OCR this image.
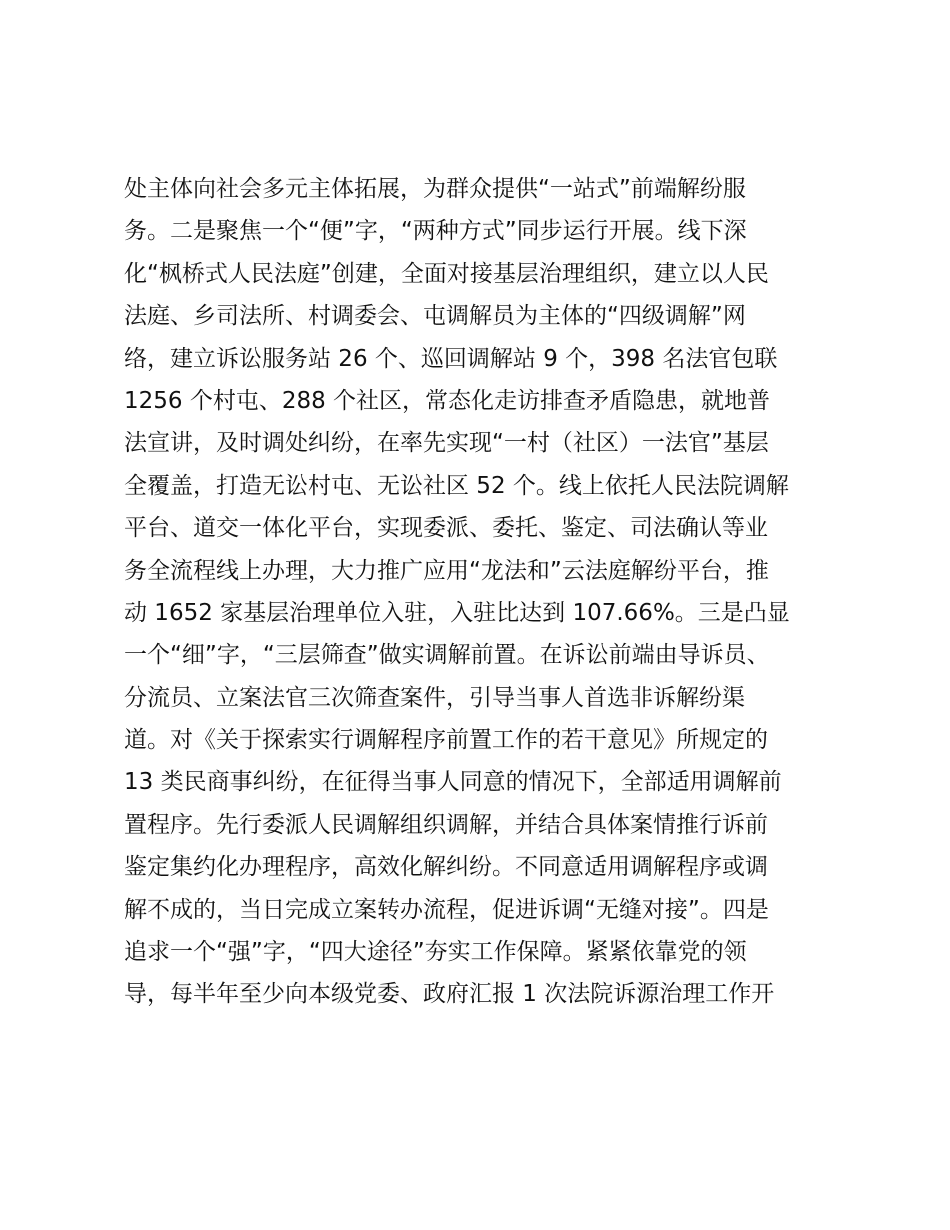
处主体向社会多元主体拓展，为群众提供“一站式”前端解纷服
务。二是聚焦一个“便”字，“两种方式”同步运行开展。线下深
化“枫桥式人民法庭”创建，全面对接基层治理组织，建立以人民
法庭、乡司法所、村调委会、屯调解员为主体的“四级调解”网
络，建立诉讼服务站 26 个、巡回调解站 9 个，398 名法官包联
1256 个村屯、288 个社区，常态化走访排查矛盾隐患，就地普
法宣讲，及时调处纠纷，在率先实现“一村（社区）一法官”基层
全覆盖，打造无讼村屯、无讼社区 52 个。线上依托人民法院调解
平台、道交一体化平台，实现委派、委托、鉴定、司法确认等业
务全流程线上办理，大力推广应用“龙法和”云法庭解纷平台，推
动 1652 家基层治理单位入驻，入驻比达到 107.66%。三是凸显
一个“细”字，“三层筛查”做实调解前置。在诉讼前端由导诉员、
分流员、立案法官三次筛查案件，引导当事人首选非诉解纷渠
道。对《关于探索实行调解程序前置工作的若干意见》所规定的
13 类民商事纠纷，在征得当事人同意的情况下，全部适用调解前
置程序。先行委派人民调解组织调解，并结合具体案情推行诉前
鉴定集约化办理程序，高效化解纠纷。不同意适用调解程序或调
解不成的，当日完成立案转办流程，促进诉调“无缝对接”。四是
追求一个“强”字，“四大途径”夯实工作保障。紧紧依靠党的领
导，每半年至少向本级党委、政府汇报 1 次法院诉源治理工作开
